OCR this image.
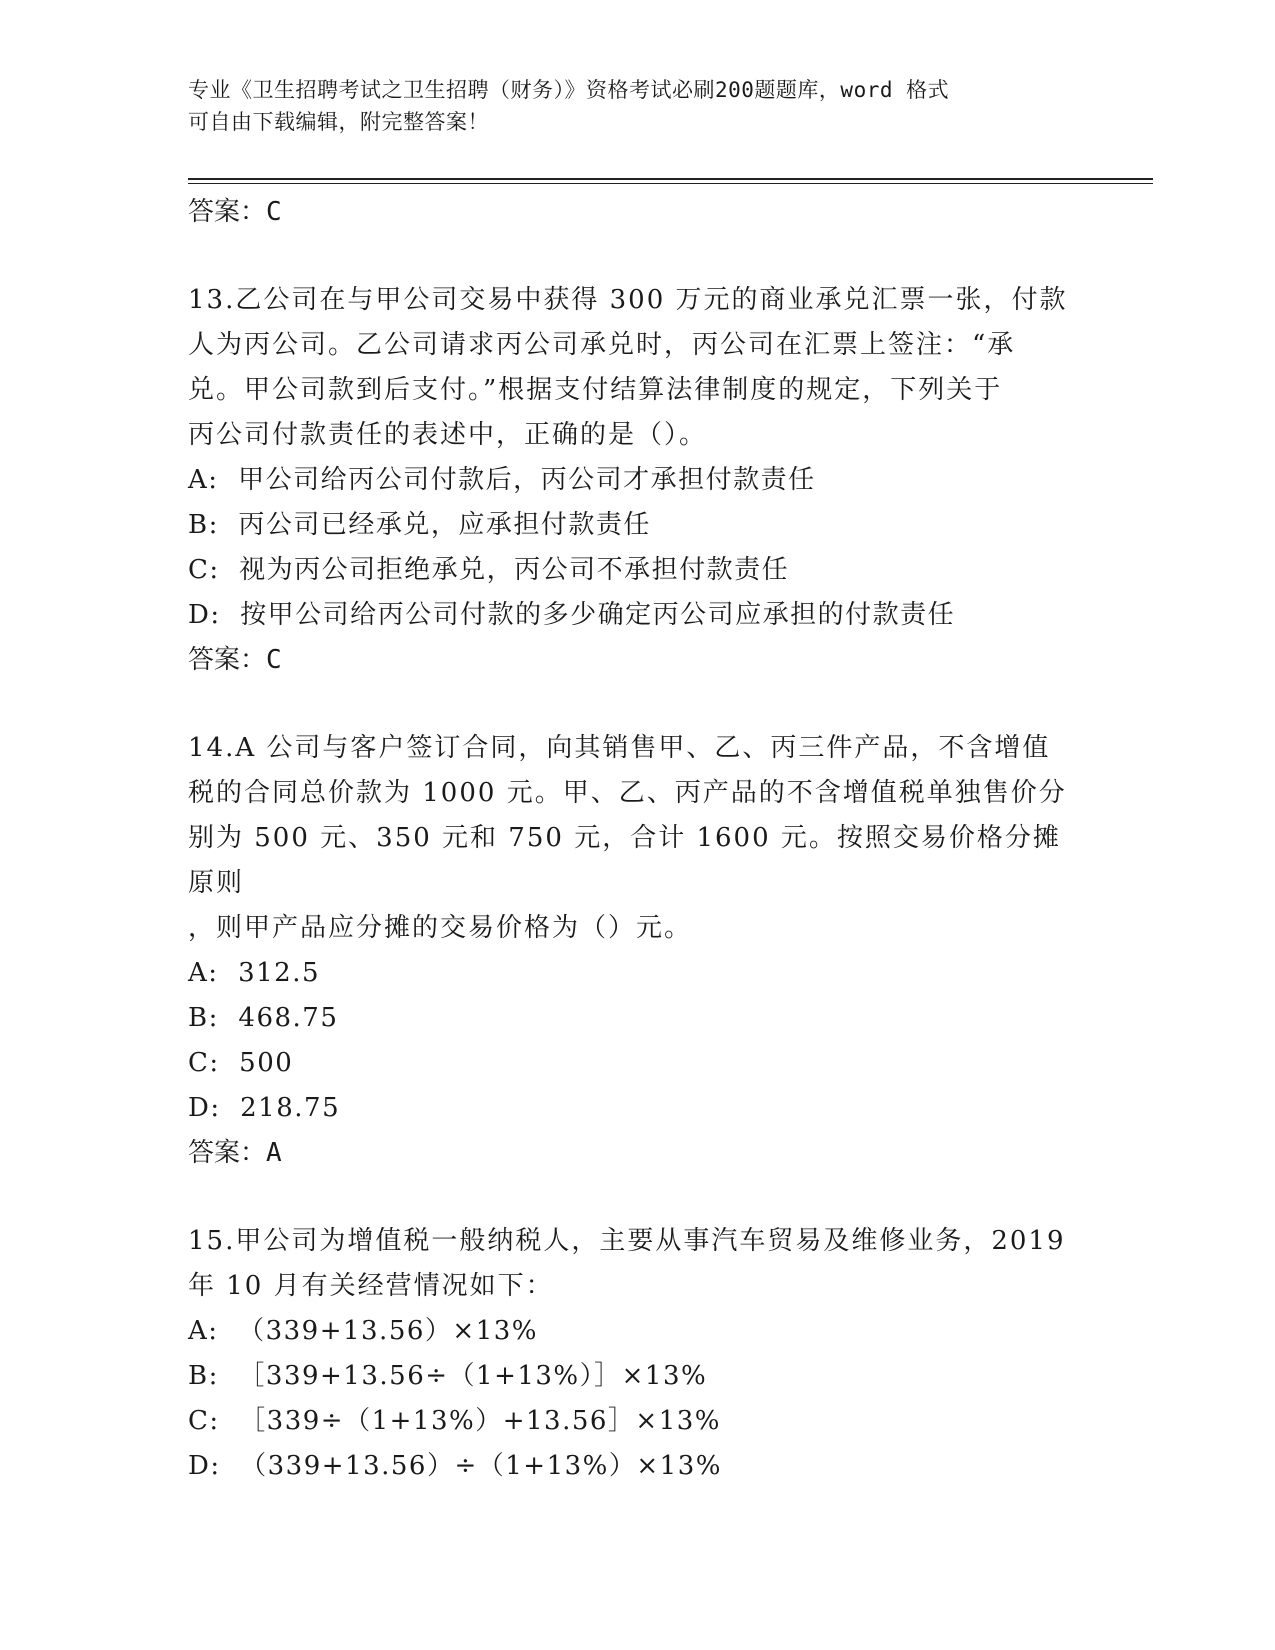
专业《卫生招聘考试之卫生招聘（财务）》资格考试必刷200题题库，word 格式
可自由下载编辑，附完整答案！

答案：C

13.乙公司在与甲公司交易中获得 300 万元的商业承兑汇票一张，付款

人为丙公司。乙公司请求丙公司承兑时，丙公司在汇票上签注：“承

兑。甲公司款到后支付。”根据支付结算法律制度的规定，下列关于

丙公司付款责任的表述中，正确的是（）。

A:  甲公司给丙公司付款后，丙公司才承担付款责任

B:  丙公司已经承兑，应承担付款责任

C:  视为丙公司拒绝承兑，丙公司不承担付款责任

D:  按甲公司给丙公司付款的多少确定丙公司应承担的付款责任

答案：C

14.A 公司与客户签订合同，向其销售甲、乙、丙三件产品，不含增值

税的合同总价款为 1000 元。甲、乙、丙产品的不含增值税单独售价分

别为 500 元、350 元和 750 元，合计 1600 元。按照交易价格分摊原则

，则甲产品应分摊的交易价格为（）元。

A:  312.5

B:  468.75

C:  500

D:  218.75

答案：A

15.甲公司为增值税一般纳税人，主要从事汽车贸易及维修业务，2019

年 10 月有关经营情况如下：

A:  （339+13.56）×13%

B:  ［339+13.56÷（1+13%）］×13%

C:  ［339÷（1+13%）+13.56］×13%

D:  （339+13.56）÷（1+13%）×13%
